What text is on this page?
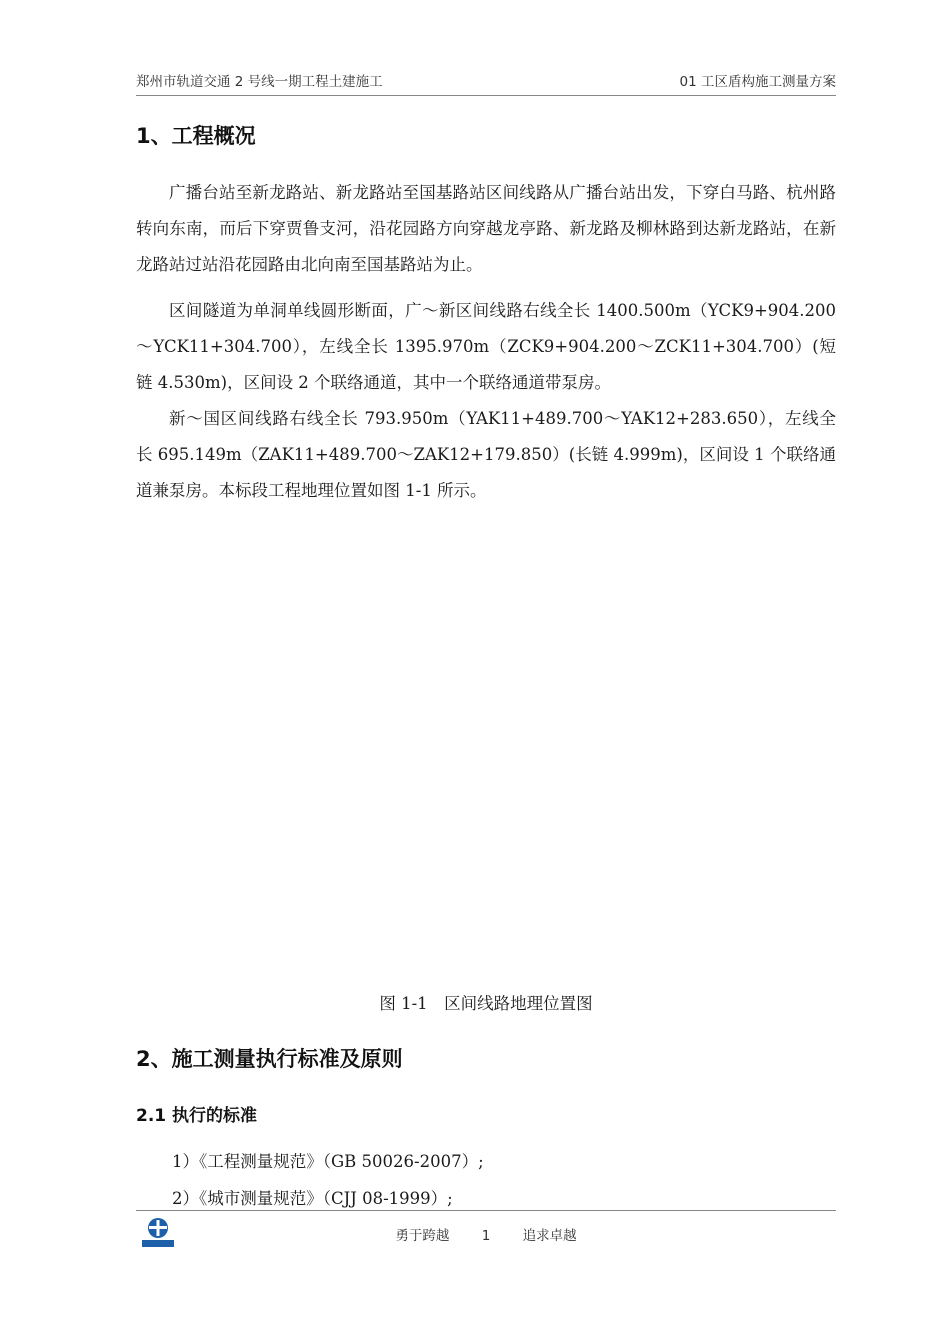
郑州市轨道交通 2 号线一期工程土建施工	01 工区盾构施工测量方案
1、工程概况

广播台站至新龙路站、新龙路站至国基路站区间线路从广播台站出发，下穿白马路、杭州路转向东南，而后下穿贾鲁支河，沿花园路方向穿越龙亭路、新龙路及柳林路到达新龙路站，在新龙路站过站沿花园路由北向南至国基路站为止。

区间隧道为单洞单线圆形断面，广～新区间线路右线全长 1400.500m（YCK9+904.200～YCK11+304.700），左线全长 1395.970m（ZCK9+904.200～ZCK11+304.700）(短链 4.530m)，区间设 2 个联络通道，其中一个联络通道带泵房。

新～国区间线路右线全长 793.950m（YAK11+489.700～YAK12+283.650），左线全长 695.149m（ZAK11+489.700～ZAK12+179.850）(长链 4.999m)，区间设 1 个联络通道兼泵房。本标段工程地理位置如图 1-1 所示。

图 1-1　区间线路地理位置图

2、施工测量执行标准及原则
2.1 执行的标准

1）《工程测量规范》（GB 50026-2007）;

2）《城市测量规范》（CJJ 08-1999）;

勇于跨越 1 追求卓越
